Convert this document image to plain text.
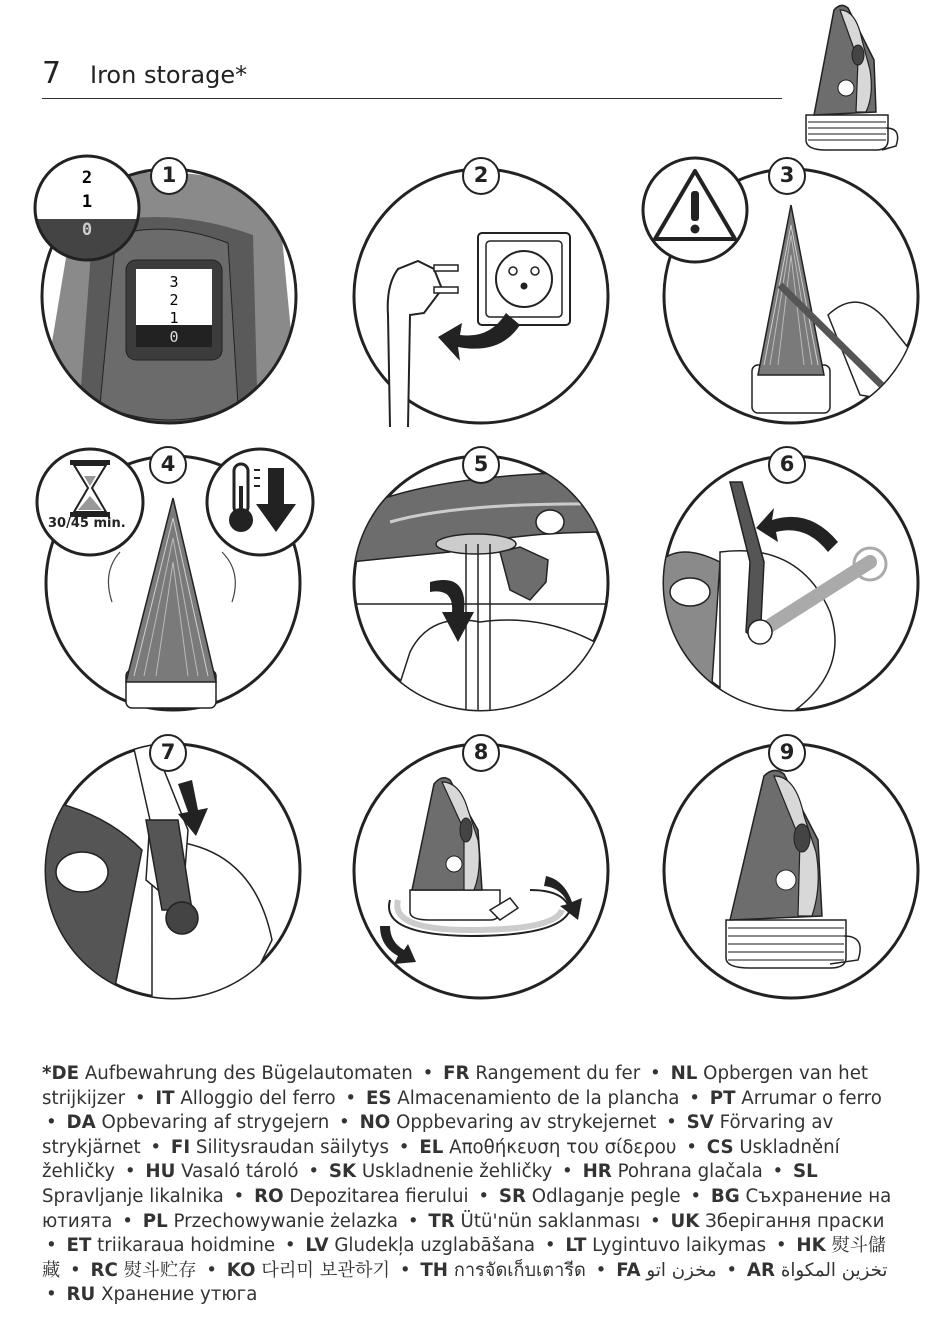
7 Iron storage*
3
2
1
0
2
1
0
1	2	3
30/45 min.
4	5	6
7	8	9
*DE Aufbewahrung des Bügelautomaten • FR Rangement du fer • NL Opbergen van het strijkijzer • IT Alloggio del ferro • ES Almacenamiento de la plancha • PT Arrumar o ferro • DA Opbevaring af strygejern • NO Oppbevaring av strykejernet • SV Förvaring av strykjärnet • FI Silitysraudan säilytys • EL Αποθήκευση του σίδερου • CS Uskladnění žehličky • HU Vasaló tároló • SK Uskladnenie žehličky • HR Pohrana glačala • SL Spravljanje likalnika • RO Depozitarea fierului • SR Odlaganje pegle • BG Съхранение на ютията • PL Przechowywanie żelazka • TR Ütü'nün saklanması • UK Зберігання праски • ET triikaraua hoidmine • LV Gludekļa uzglabāšana • LT Lygintuvo laikymas • HK 熨斗儲藏 • RC 熨斗贮存 • KO 다리미 보관하기 • TH การจัดเก็บเตารีด • FA مخزن اتو • AR تخزين المكواة • RU Хранение утюга
